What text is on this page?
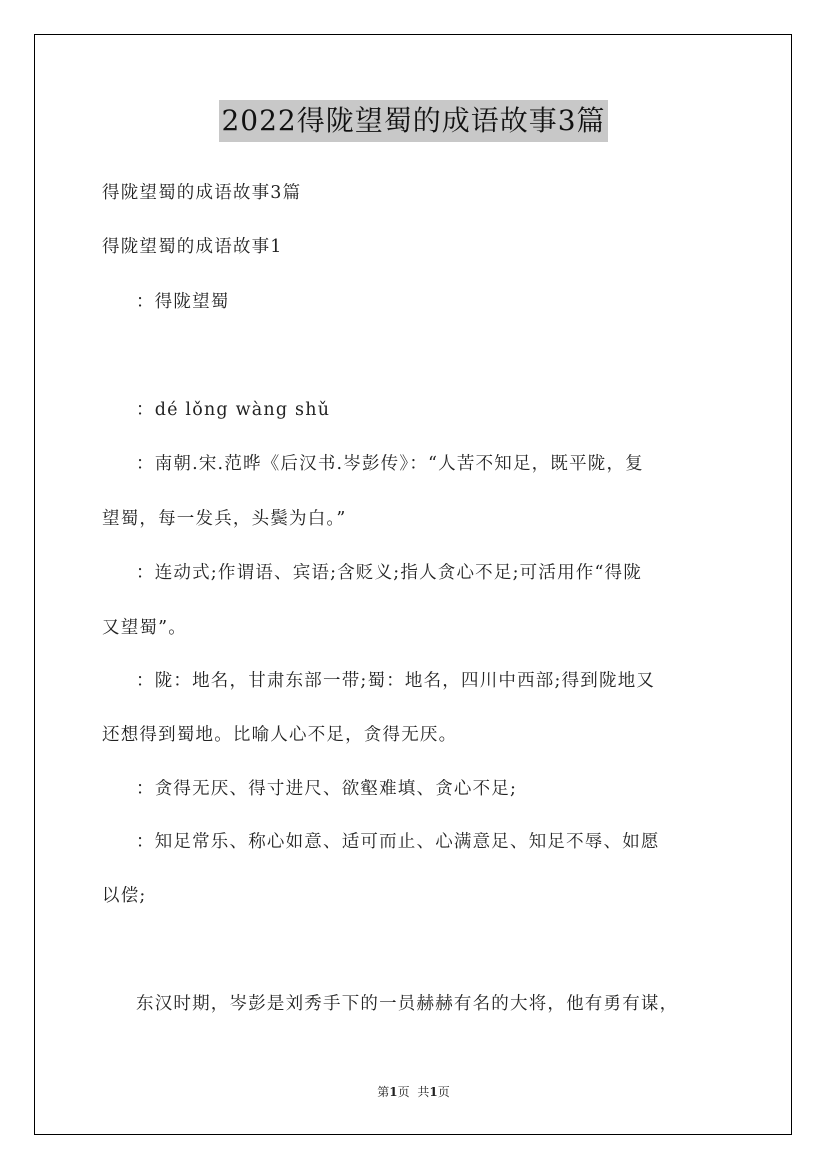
2022得陇望蜀的成语故事3篇
得陇望蜀的成语故事3篇
得陇望蜀的成语故事1
：得陇望蜀
：dé lǒng wàng shǔ
：南朝.宋.范晔《后汉书.岑彭传》：“人苦不知足，既平陇，复
望蜀，每一发兵，头鬓为白。”
：连动式;作谓语、宾语;含贬义;指人贪心不足;可活用作“得陇
又望蜀”。
：陇：地名，甘肃东部一带;蜀：地名，四川中西部;得到陇地又
还想得到蜀地。比喻人心不足，贪得无厌。
：贪得无厌、得寸进尺、欲壑难填、贪心不足;
：知足常乐、称心如意、适可而止、心满意足、知足不辱、如愿
以偿;
东汉时期，岑彭是刘秀手下的一员赫赫有名的大将，他有勇有谋，
第1页 共1页
